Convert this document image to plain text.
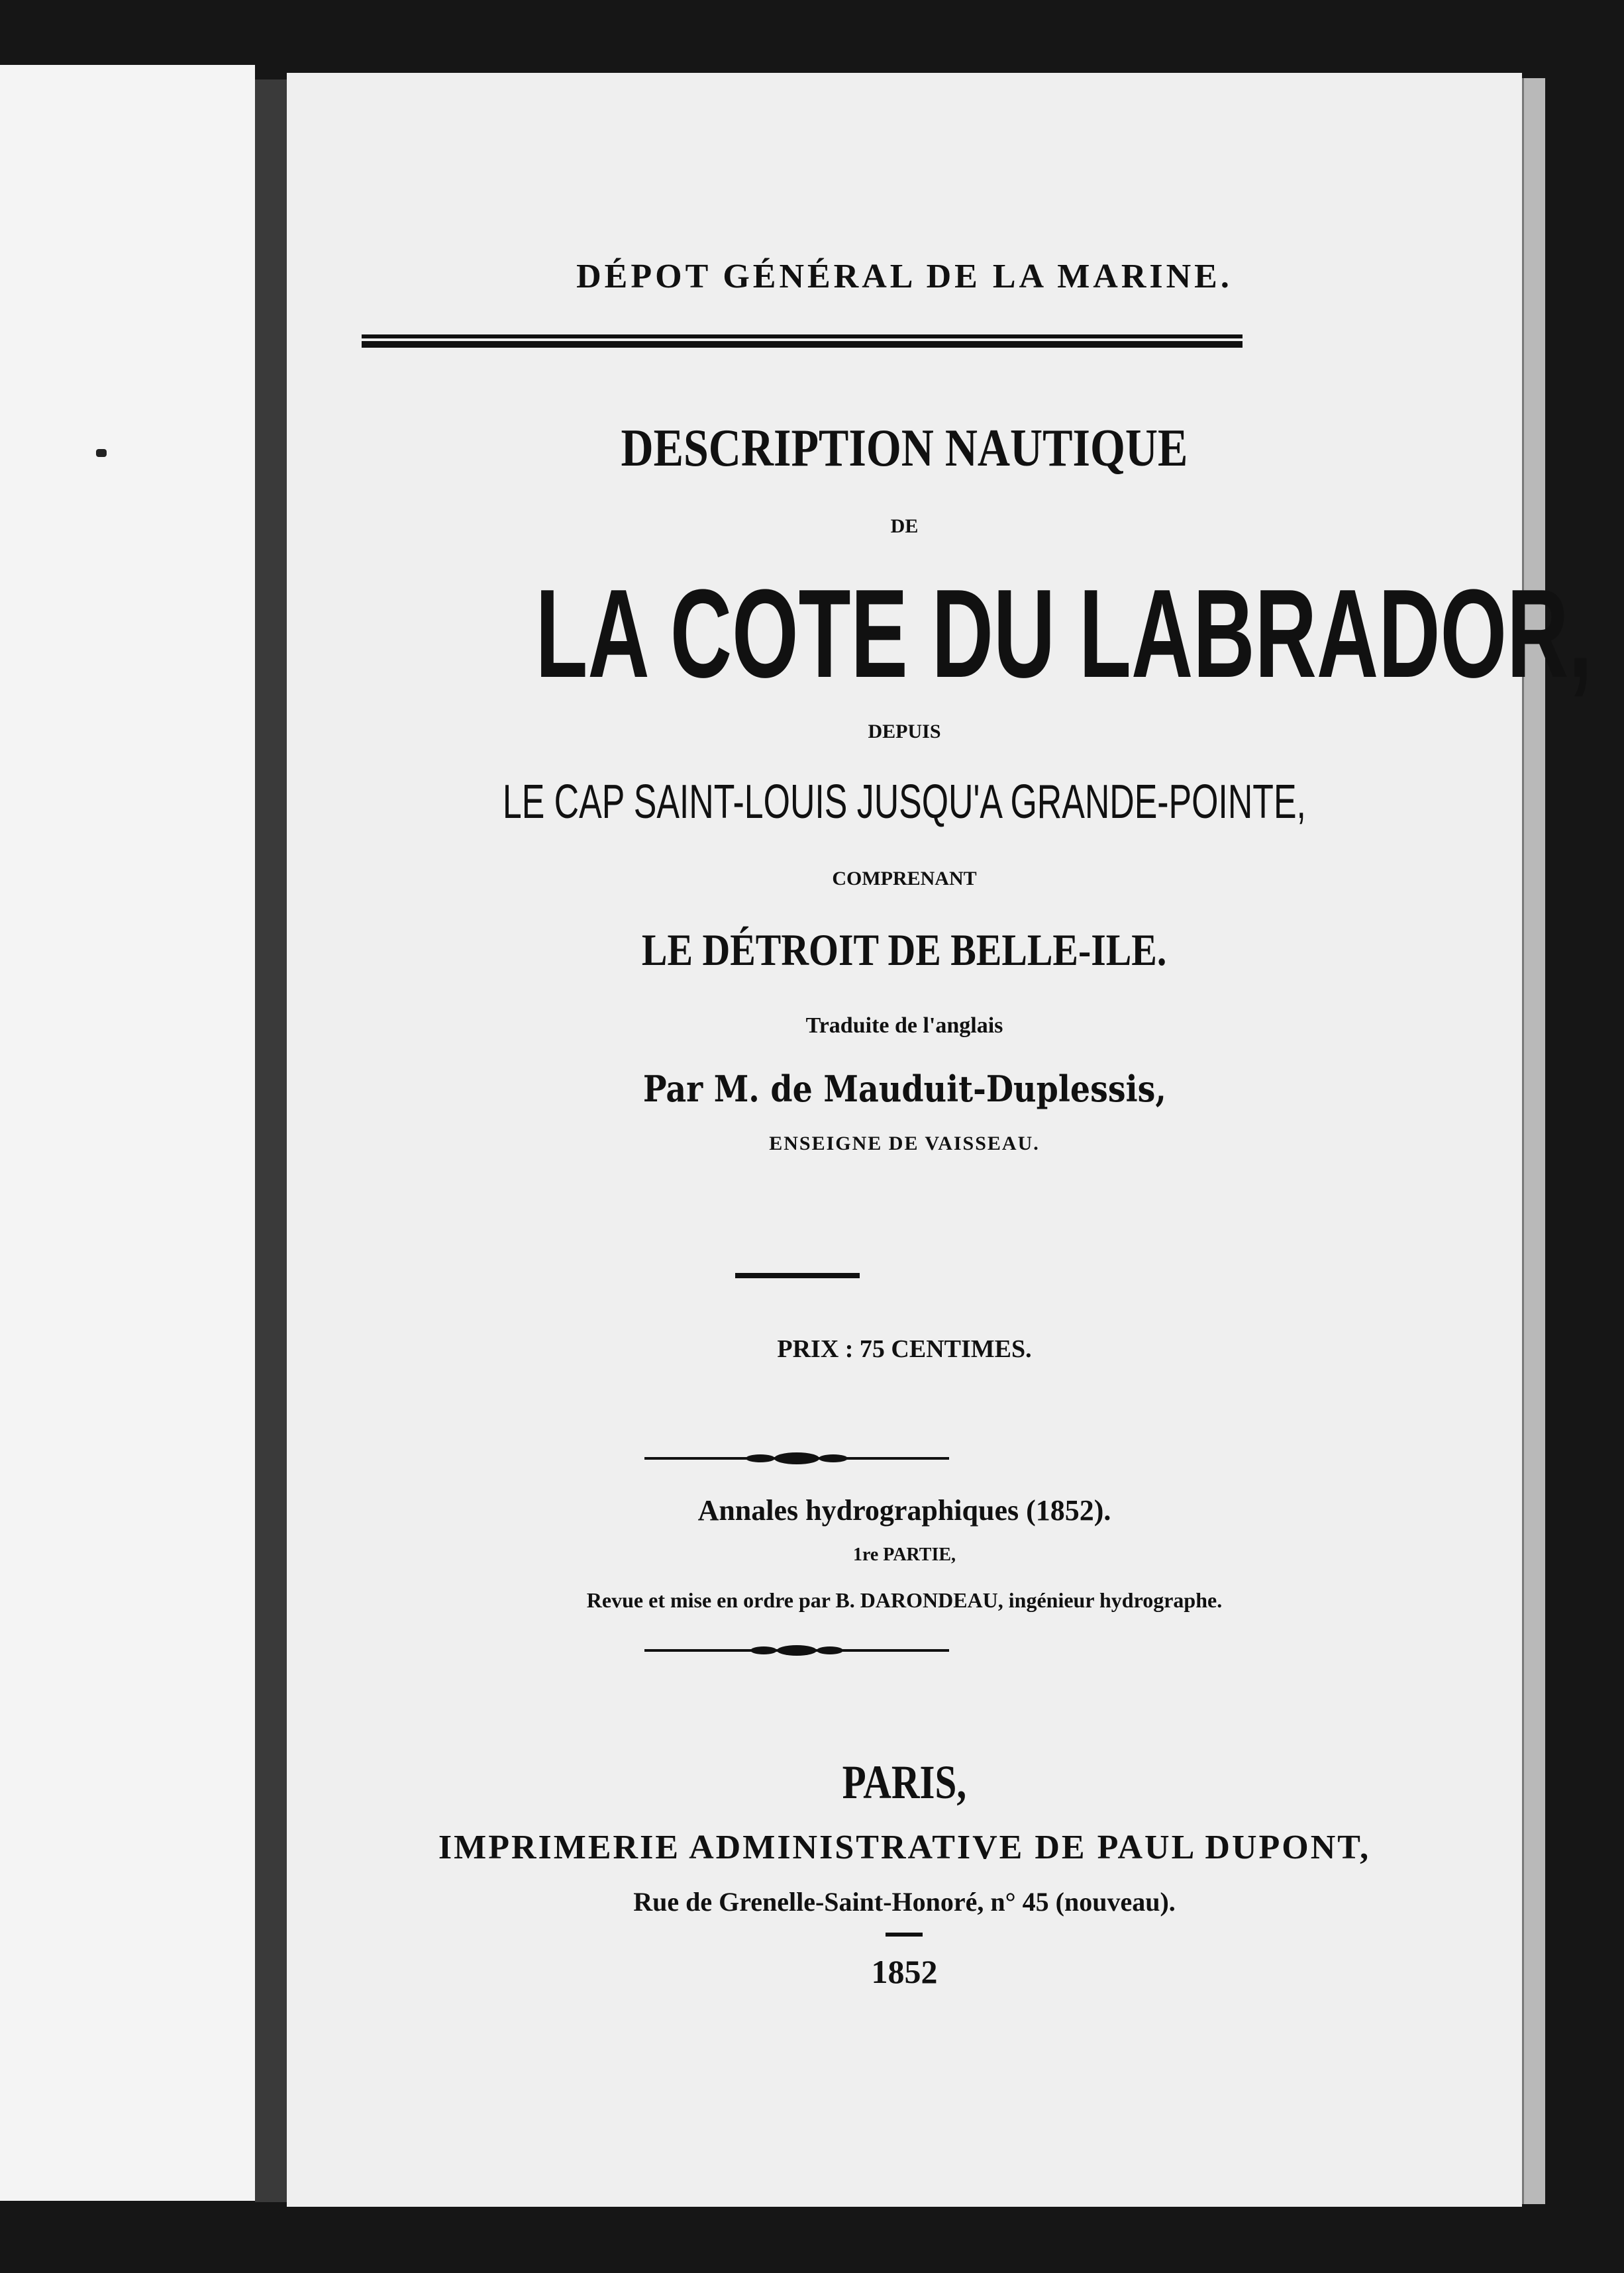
DÉPOT GÉNÉRAL DE LA MARINE.
DESCRIPTION NAUTIQUE
DE
LA COTE DU LABRADOR,
DEPUIS
LE CAP SAINT-LOUIS JUSQU'A GRANDE-POINTE,
COMPRENANT
LE DÉTROIT DE BELLE-ILE.
Traduite de l'anglais
Par M. de Mauduit-Duplessis,
ENSEIGNE DE VAISSEAU.
PRIX : 75 CENTIMES.
Annales hydrographiques (1852).
1re PARTIE,
Revue et mise en ordre par B. DARONDEAU, ingénieur hydrographe.
PARIS,
IMPRIMERIE ADMINISTRATIVE DE PAUL DUPONT,
Rue de Grenelle-Saint-Honoré, n° 45 (nouveau).
1852
